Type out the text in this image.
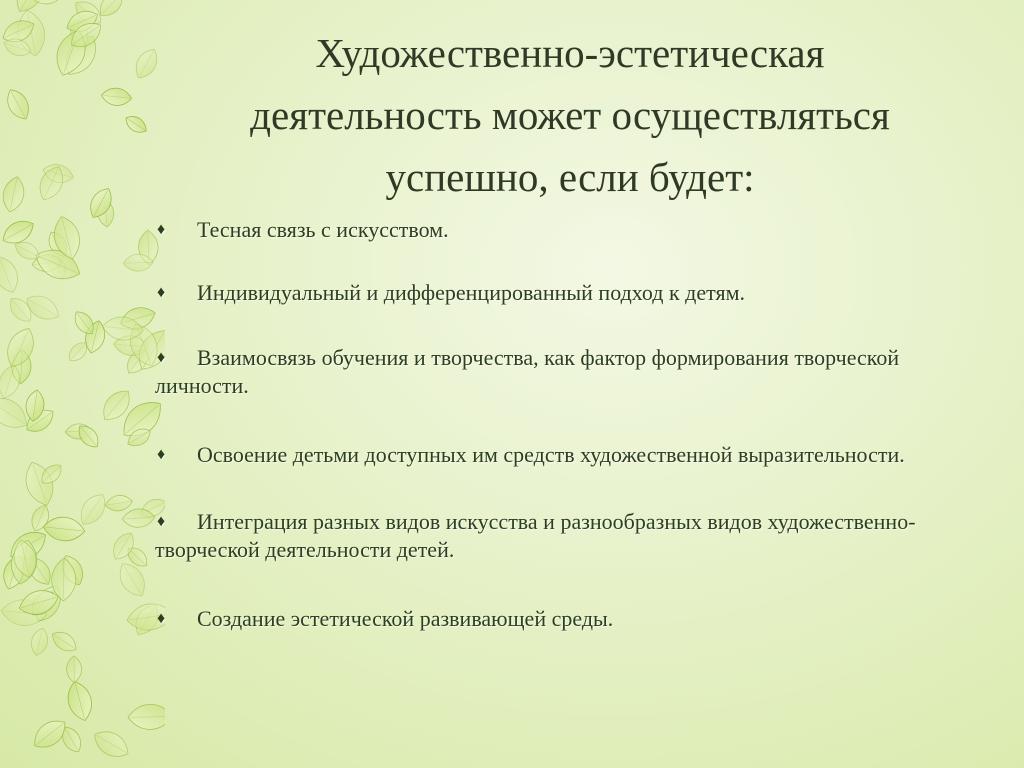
Художественно-эстетическая
деятельность может осуществляться
успешно, если будет:
♦	Тесная связь с искусством.
♦	Индивидуальный и дифференцированный подход к детям.
♦	Взаимосвязь обучения и творчества, как фактор формирования творческой личности.
♦	Освоение детьми доступных им средств художественной выразительности.
♦	Интеграция разных видов искусства и разнообразных видов художественно-творческой деятельности детей.
♦	Создание эстетической развивающей среды.
